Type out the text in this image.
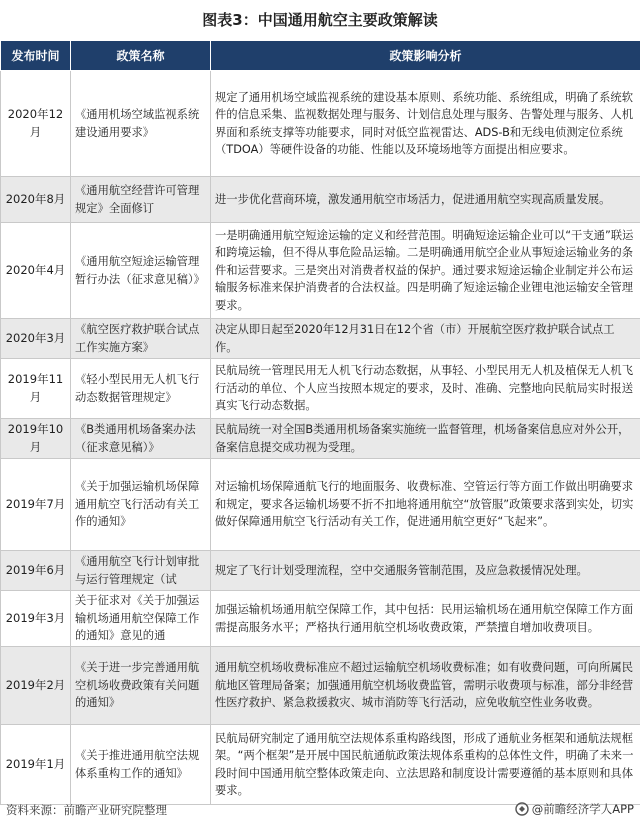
图表3：中国通用航空主要政策解读
发布时间	政策名称	政策影响分析
2020年12月	《通用机场空域监视系统建设通用要求》	规定了通用机场空域监视系统的建设基本原则、系统功能、系统组成，明确了系统软件的信息采集、监视数据处理与服务、计划信息处理与服务、告警处理与服务、人机界面和系统支撑等功能要求，同时对低空监视雷达、ADS-B和无线电侦测定位系统（TDOA）等硬件设备的功能、性能以及环境场地等方面提出相应要求。
2020年8月	《通用航空经营许可管理规定》全面修订	进一步优化营商环境，激发通用航空市场活力，促进通用航空实现高质量发展。
2020年4月	《通用航空短途运输管理暂行办法（征求意见稿）》	一是明确通用航空短途运输的定义和经营范围。明确短途运输企业可以“干支通”联运和跨境运输，但不得从事危险品运输。二是明确通用航空企业从事短途运输业务的条件和运营要求。三是突出对消费者权益的保护。通过要求短途运输企业制定并公布运输服务标准来保护消费者的合法权益。四是明确了短途运输企业锂电池运输安全管理要求。
2020年3月	《航空医疗救护联合试点工作实施方案》	决定从即日起至2020年12月31日在12个省（市）开展航空医疗救护联合试点工作。
2019年11月	《轻小型民用无人机飞行动态数据管理规定》	民航局统一管理民用无人机飞行动态数据，从事轻、小型民用无人机及植保无人机飞行活动的单位、个人应当按照本规定的要求，及时、准确、完整地向民航局实时报送真实飞行动态数据。
2019年10月	《B类通用机场备案办法（征求意见稿）》	民航局统一对全国B类通用机场备案实施统一监督管理，机场备案信息应对外公开，备案信息提交成功视为受理。
2019年7月	《关于加强运输机场保障通用航空飞行活动有关工作的通知》	对运输机场保障通航飞行的地面服务、收费标准、空管运行等方面工作做出明确要求和规定，要求各运输机场要不折不扣地将通用航空“放管服”政策要求落到实处，切实做好保障通用航空飞行活动有关工作，促进通用航空更好“飞起来”。
2019年6月	《通用航空飞行计划审批与运行管理规定（试	规定了飞行计划受理流程，空中交通服务管制范围，及应急救援情况处理。
2019年3月	关于征求对《关于加强运输机场通用航空保障工作的通知》意见的通	加强运输机场通用航空保障工作，其中包括：民用运输机场在通用航空保障工作方面需提高服务水平；严格执行通用航空机场收费政策，严禁擅自增加收费项目。
2019年2月	《关于进一步完善通用航空机场收费政策有关问题的通知》	通用航空机场收费标准应不超过运输航空机场收费标准；如有收费问题，可向所属民航地区管理局备案；加强通用航空机场收费监管，需明示收费项与标准，部分非经营性医疗救护、紧急救援救灾、城市消防等飞行活动，应免收航空性业务收费。
2019年1月	《关于推进通用航空法规体系重构工作的通知》	民航局研究制定了通用航空法规体系重构路线图，形成了通航业务框架和通航法规框架。“两个框架”是开展中国民航通航政策法规体系重构的总体性文件，明确了未来一段时间中国通用航空整体政策走向、立法思路和制度设计需要遵循的基本原则和具体要求。
资料来源：前瞻产业研究院整理	@前瞻经济学人APP
